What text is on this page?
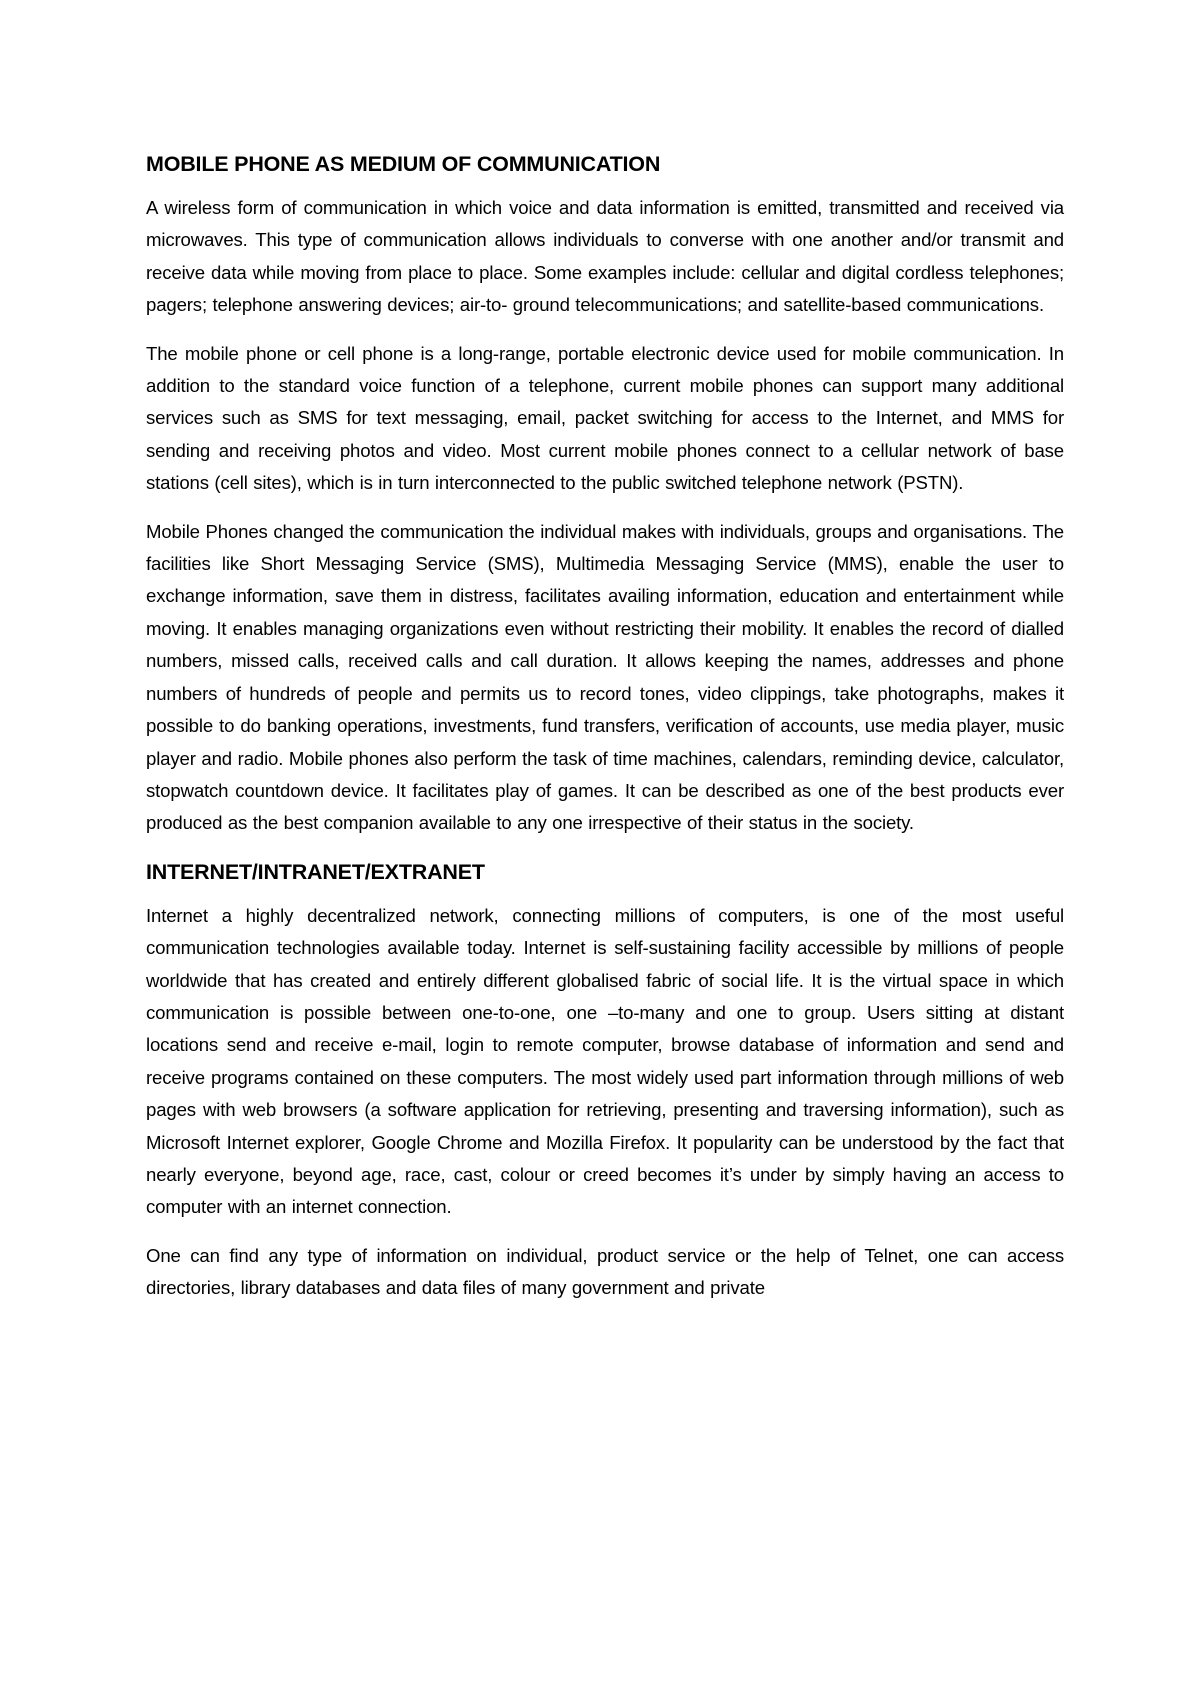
MOBILE PHONE AS MEDIUM OF COMMUNICATION

A wireless form of communication in which voice and data information is emitted, transmitted and received via microwaves. This type of communication allows individuals to converse with one another and/or transmit and receive data while moving from place to place. Some examples include: cellular and digital cordless telephones; pagers; telephone answering devices; air-to- ground telecommunications; and satellite-based communications.

The mobile phone or cell phone is a long-range, portable electronic device used for mobile communication. In addition to the standard voice function of a telephone, current mobile phones can support many additional services such as SMS for text messaging, email, packet switching for access to the Internet, and MMS for sending and receiving photos and video. Most current mobile phones connect to a cellular network of base stations (cell sites), which is in turn interconnected to the public switched telephone network (PSTN).

Mobile Phones changed the communication the individual makes with individuals, groups and organisations. The facilities like Short Messaging Service (SMS), Multimedia Messaging Service (MMS), enable the user to exchange information, save them in distress, facilitates availing information, education and entertainment while moving. It enables managing organizations even without restricting their mobility. It enables the record of dialled numbers, missed calls, received calls and call duration. It allows keeping the names, addresses and phone numbers of hundreds of people and permits us to record tones, video clippings, take photographs, makes it possible to do banking operations, investments, fund transfers, verification of accounts, use media player, music player and radio. Mobile phones also perform the task of time machines, calendars, reminding device, calculator, stopwatch countdown device. It facilitates play of games. It can be described as one of the best products ever produced as the best companion available to any one irrespective of their status in the society.

INTERNET/INTRANET/EXTRANET

Internet a highly decentralized network, connecting millions of computers, is one of the most useful communication technologies available today. Internet is self-sustaining facility accessible by millions of people worldwide that has created and entirely different globalised fabric of social life. It is the virtual space in which communication is possible between one-to-one, one –to-many and one to group. Users sitting at distant locations send and receive e-mail, login to remote computer, browse database of information and send and receive programs contained on these computers. The most widely used part information through millions of web pages with web browsers (a software application for retrieving, presenting and traversing information), such as Microsoft Internet explorer, Google Chrome and Mozilla Firefox. It popularity can be understood by the fact that nearly everyone, beyond age, race, cast, colour or creed becomes it’s under by simply having an access to computer with an internet connection.

One can find any type of information on individual, product service or the help of Telnet, one can access directories, library databases and data files of many government and private
